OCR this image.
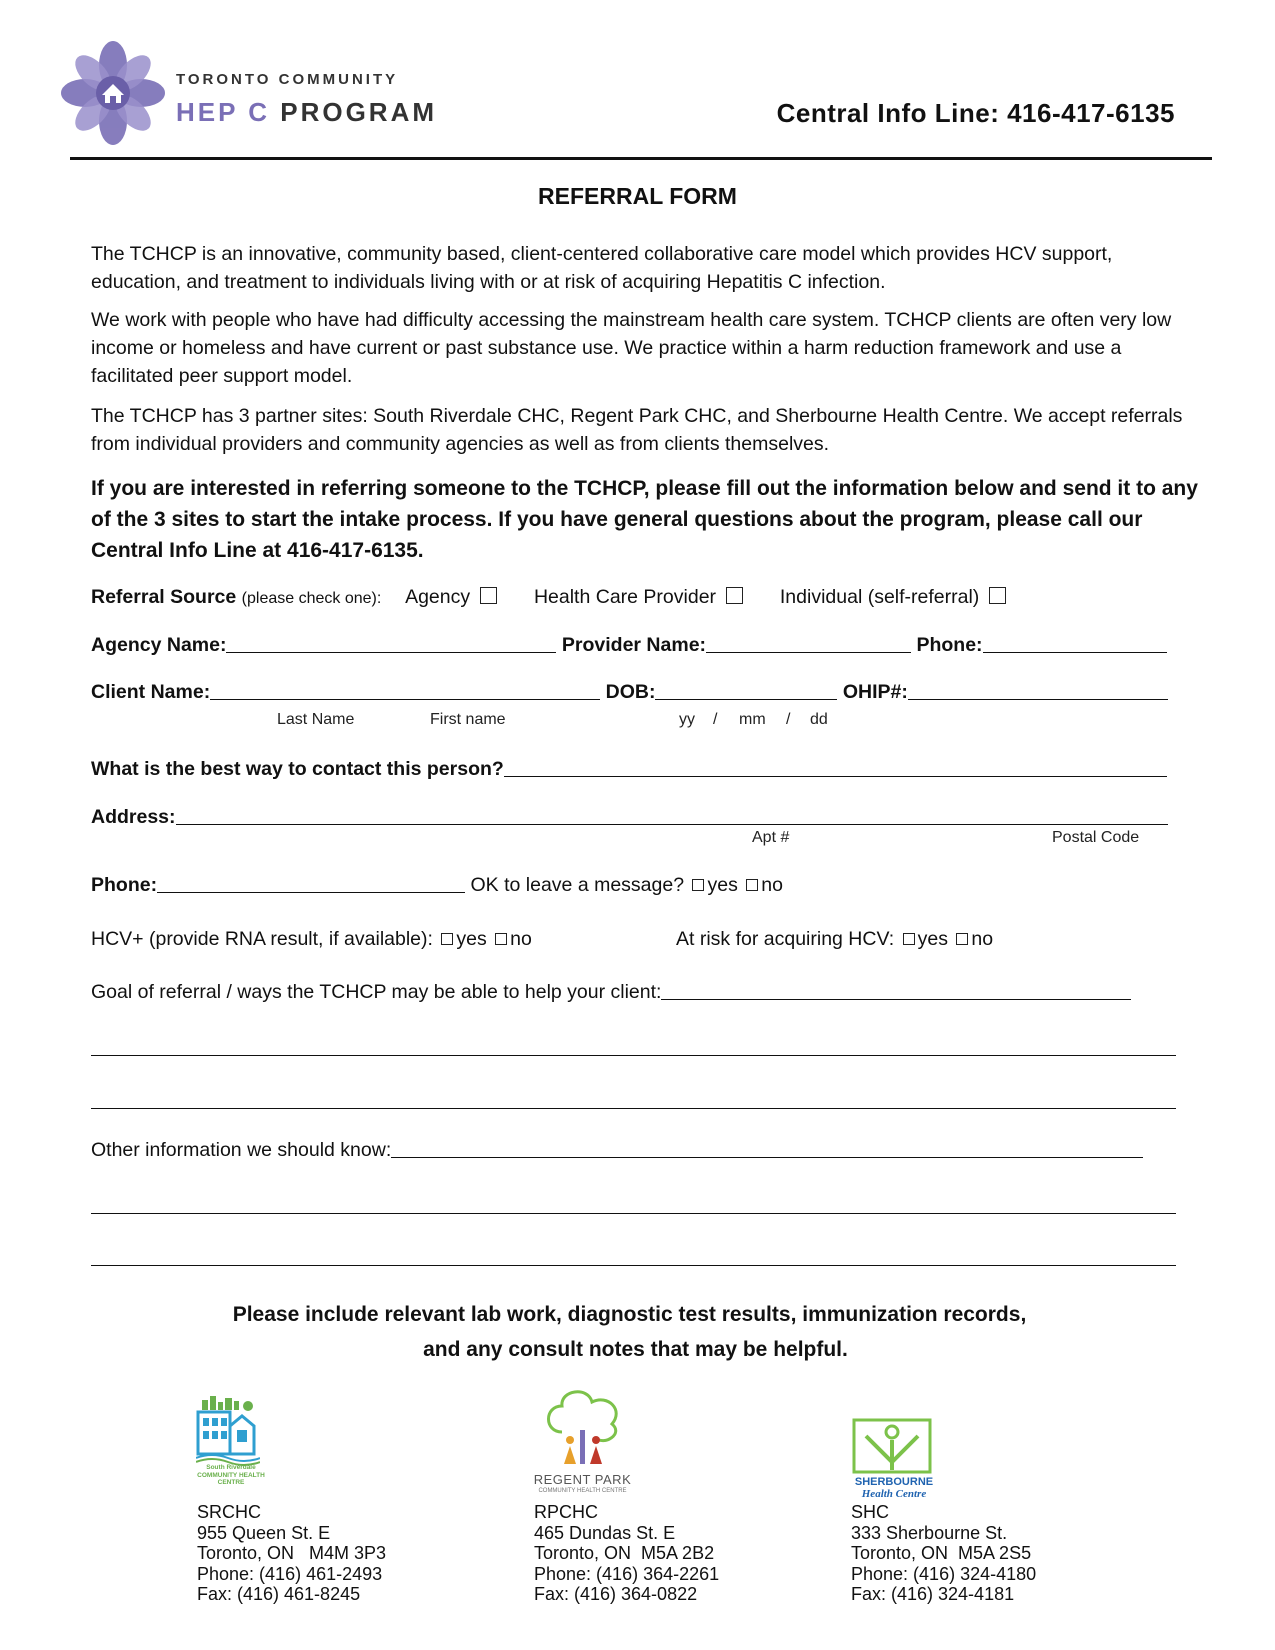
TORONTO COMMUNITY
HEP C PROGRAM	Central Info Line: 416-417-6135
REFERRAL FORM
The TCHCP is an innovative, community based, client-centered collaborative care model which provides HCV support, education, and treatment to individuals living with or at risk of acquiring Hepatitis C infection.
We work with people who have had difficulty accessing the mainstream health care system. TCHCP clients are often very low income or homeless and have current or past substance use. We practice within a harm reduction framework and use a facilitated peer support model.
The TCHCP has 3 partner sites: South Riverdale CHC, Regent Park CHC, and Sherbourne Health Centre. We accept referrals from individual providers and community agencies as well as from clients themselves.
If you are interested in referring someone to the TCHCP, please fill out the information below and send it to any of the 3 sites to start the intake process. If you have general questions about the program, please call our Central Info Line at 416-417-6135.
Referral Source (please check one): Agency	Health Care Provider	Individual (self-referral)
Agency Name:	Provider Name:	Phone:
Client Name:	DOB:	OHIP#:
Last Name	First name	yy / mm / dd
What is the best way to contact this person?
Address:
Apt #	Postal Code
Phone:	OK to leave a message? yes no
HCV+ (provide RNA result, if available): yes no	At risk for acquiring HCV: yes no
Goal of referral / ways the TCHCP may be able to help your client:
Other information we should know:
Please include relevant lab work, diagnostic test results, immunization records,
and any consult notes that may be helpful.
South Riverdale COMMUNITY HEALTH CENTRE	REGENT PARK
COMMUNITY HEALTH CENTRE
SHERBOURNE
Health Centre
SRCHC
955 Queen St. E
Toronto, ON   M4M 3P3
Phone: (416) 461-2493
Fax: (416) 461-8245
RPCHC
465 Dundas St. E
Toronto, ON  M5A 2B2
Phone: (416) 364-2261
Fax: (416) 364-0822
SHC
333 Sherbourne St.
Toronto, ON  M5A 2S5
Phone: (416) 324-4180
Fax: (416) 324-4181
